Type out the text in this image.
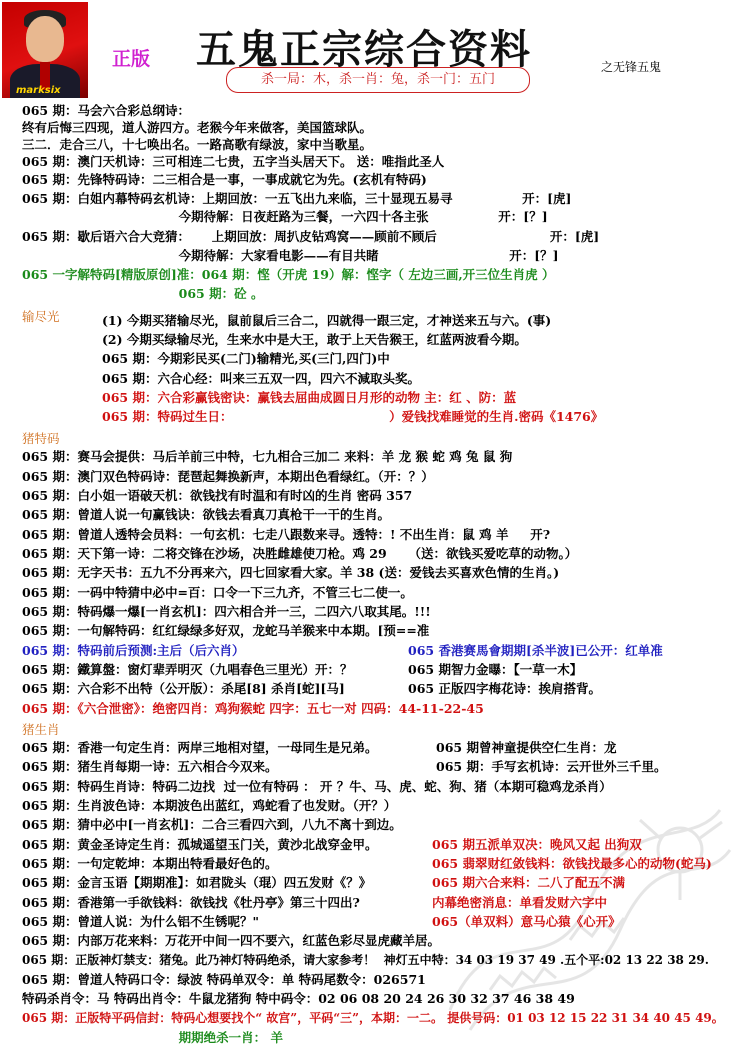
marksix
正版 五鬼正宗综合资料
杀一局：木，杀一肖：兔，杀一门：五门
之无锋五鬼
065 期：马会六合彩总纲诗：
终有后悔三四现，道人游四方。老猴今年来做客，美国篮球队。
三二．走合三八，十七唤出名。一路高歌有绿波，家中当歌星。
065 期：澳门天机诗：三可相连二七贵，五字当头居天下。 送：唯指此圣人
065 期：先锋特码诗：二三相合是一事，一事成就它为先。(玄机有特码)
065 期：白姐内幕特码玄机诗：上期回放：一五飞出九来临，三十显现五易寻                开：[虎]
今期待解：日夜赶路为三餐，一六四十各主张                开：[？]
065 期：歇后语六合大竞猜：     上期回放：周扒皮钻鸡窝——顾前不顾后                          开：[虎]
今期待解：大家看电影——有目共睹                              开：[？]
065 一字解特码[精版原创]准：064 期：悭（开虎 19）解：悭字（ 左边三画,开三位生肖虎 ）
065 期：砼 。
输尽光	(1) 今期买猪输尽光，鼠前鼠后三合二，四就得一跟三定，才神送来五与六。(事)
(2) 今期买绿输尽光，生来水中是大王，敢于上天告猴王，红蓝两波看今期。
065 期：今期彩民买(二门)输精光,买(三门,四门)中
065 期：六合心经：叫来三五双一四，四六不減取头奖。
065 期：六合彩赢钱密诀：赢钱去屈曲成圆日月形的动物 主：红 、防：蓝
065 期：特码过生日：                                    ）爱钱找难睡觉的生肖.密码《1476》
猪特码
065 期：赛马会提供：马后羊前三中特，七九相合三加二 来料：羊 龙 猴 蛇 鸡 兔 鼠 狗
065 期：澳门双色特码诗：琵琶起舞换新声，本期出色看绿红。（开：？）
065 期：白小姐一语破天机：欲钱找有时温和有时凶的生肖 密码 357
065 期：曾道人说一句赢钱诀：欲钱去看真刀真枪干一干的生肖。
065 期：曾道人透特会员料：一句玄机：七走八跟数来寻。透特：! 不出生肖：鼠 鸡 羊     开?
065 期：天下第一诗：二将交锋在沙场，决胜雌雄使刀枪。鸡 29     （送：欲钱买爱吃草的动物。）
065 期：无字天书：五九不分再来六，四七回家看大家。羊 38 (送：爱钱去买喜欢色情的生肖。)
065 期：一码中特猜中必中=百：口令一下三九齐，不管三七二使一。
065 期：特码爆一爆[一肖玄机]：四六相合并一三，二四六八取其尾。!!!
065 期：一句解特码：红红绿绿多好双，龙蛇马羊猴来中本期。[预==准
065 期：特码前后预测:主后（后六肖）	065 香港赛馬會期期[杀半波]已公开：红单准
065 期：鐵算盤：窗灯辈弄明灭（九唱春色三里光）开：？	065 期智力金曝：【一草一木】
065 期：六合彩不出特（公开版）：杀尾[8] 杀肖[蛇][马]	065 正版四字梅花诗：挨肩搭背。
065 期：《六合泄密》：绝密四肖：鸡狗猴蛇 四字：五七一对 四码：44-11-22-45
猪生肖
065 期：香港一句定生肖：两岸三地相对望，一母同生是兄弟。	065 期曾神童提供空仁生肖：龙
065 期：猪生肖每期一诗：五六相合今双来。	065 期：手写玄机诗：云开世外三千里。
065 期：特码生肖诗：特码二边找  过一位有特码 ： 开 ？牛、马、虎、蛇、狗、猪（本期可稳鸡龙杀肖）
065 期：生肖波色诗：本期波色出蓝红，鸡蛇看了也发财。（开？）
065 期：猜中必中[一肖玄机]：二合三看四六到，八九不离十到边。
065 期：黄金圣诗定生肖：孤城遥望玉门关，黄沙北战穿金甲。	065 期五派单双决：晚风又起 出狗双
065 期：一句定乾坤：本期出特看最好色的。	065 翡翠财红敛钱料：欲钱找最多心的动物(蛇马)
065 期：金言玉语【期期准】：如君陇头（琨）四五发财《？》	065 期六合来料：二八了配五不满
065 期：香港第一手欲钱料：欲钱找《牡丹亭》第三十四出?	内幕绝密消息：单看发财六字中
065 期：曾道人说：为什么铝不生锈呢？"	065（单双料）意马心猿《心开》
065 期：内部万花来料：万花开中间一四不要六，红蓝色彩尽显虎藏羊居。
065 期：正版神灯禁支：猪兔。此乃神灯特码绝杀，请大家参考！  神灯五中特：34 03 19 37 49 .五个平:02 13 22 38 29.
065 期：曾道人特码口令：绿波 特码单双令：单 特码尾数令：026571
特码杀肖令：马 特码出肖令：牛鼠龙猪狗 特中码令：02 06 08 20 24 26 30 32 37 46 38 49
065 期：正版特平码信封：特码心想要找个“ 故宫”，平码“三”，本期：一二。 提供号码：01 03 12 15 22 31 34 40 45 49。
期期绝杀一肖： 羊
